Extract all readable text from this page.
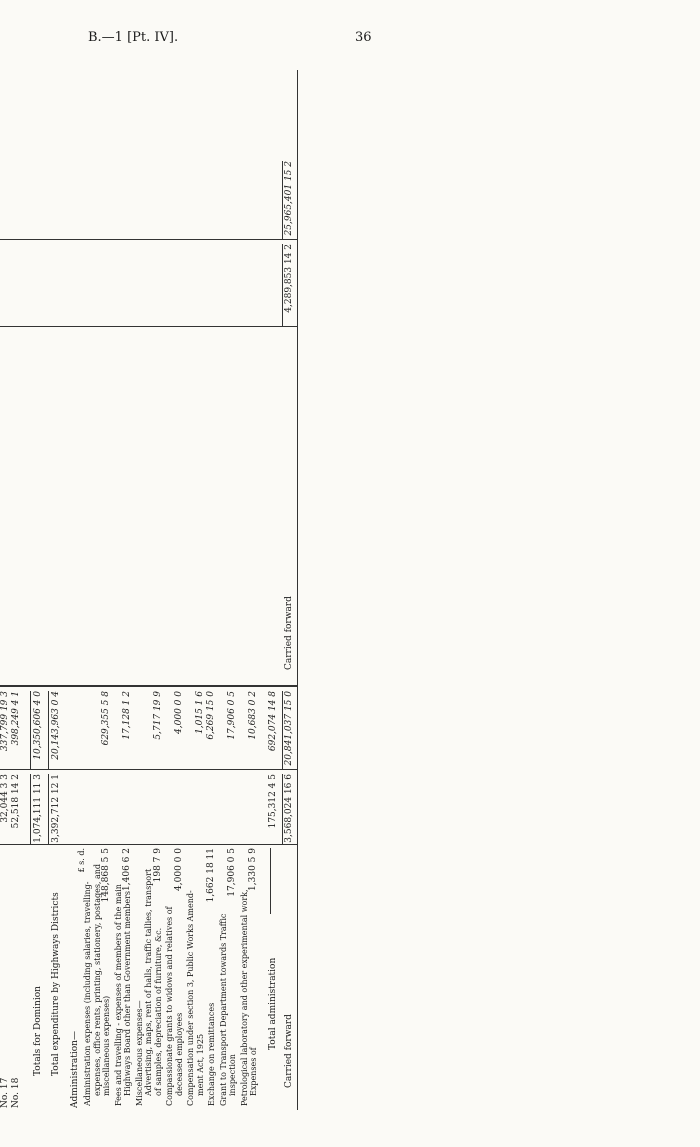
B.—1 [Pt. IV].	36
No. 17
32,044 3 3
337,799 19 3
No. 18
52,518 14 2
398,249 4 1
Totals for Dominion
1,074,111 11 3
10,350,606 4 0
Total expenditure by Highways Districts
3,392,712 12 1
20,143,963 0 4
Administration—
£ s. d.
Administration expenses (including salaries, travelling- expenses, office rents, printing, stationery, postages, and miscellaneous expenses)
148,868 5 5
629,355 5 8
Fees and travelling - expenses of members of the main Highways Board other than Government members
1,406 6 2
17,128 1 2
Miscellaneous expenses— Advertising, maps, rent of halls, traffic tallies, transport of samples, depreciation of furniture, &c.
198 7 9
5,717 19 9
Compassionate grants to widows and relatives of deceased employees
4,000 0 0
4,000 0 0
Compensation under section 3, Public Works Amend- ment Act, 1925
1,015 1 6
Exchange on remittances
1,662 18 11
6,269 15 0
Grant to Transport Department towards Traffic inspection
17,906 0 5
17,906 0 5
Petrological laboratory and other experimental work, Expenses of
1,330 5 9
10,683 0 2
Total administration
175,312 4 5
692,074 14 8
Carried forward
3,568,024 16 6
20,841,037 15 0
Carried forward
4,289,853 14 2
25,965,401 15 2
